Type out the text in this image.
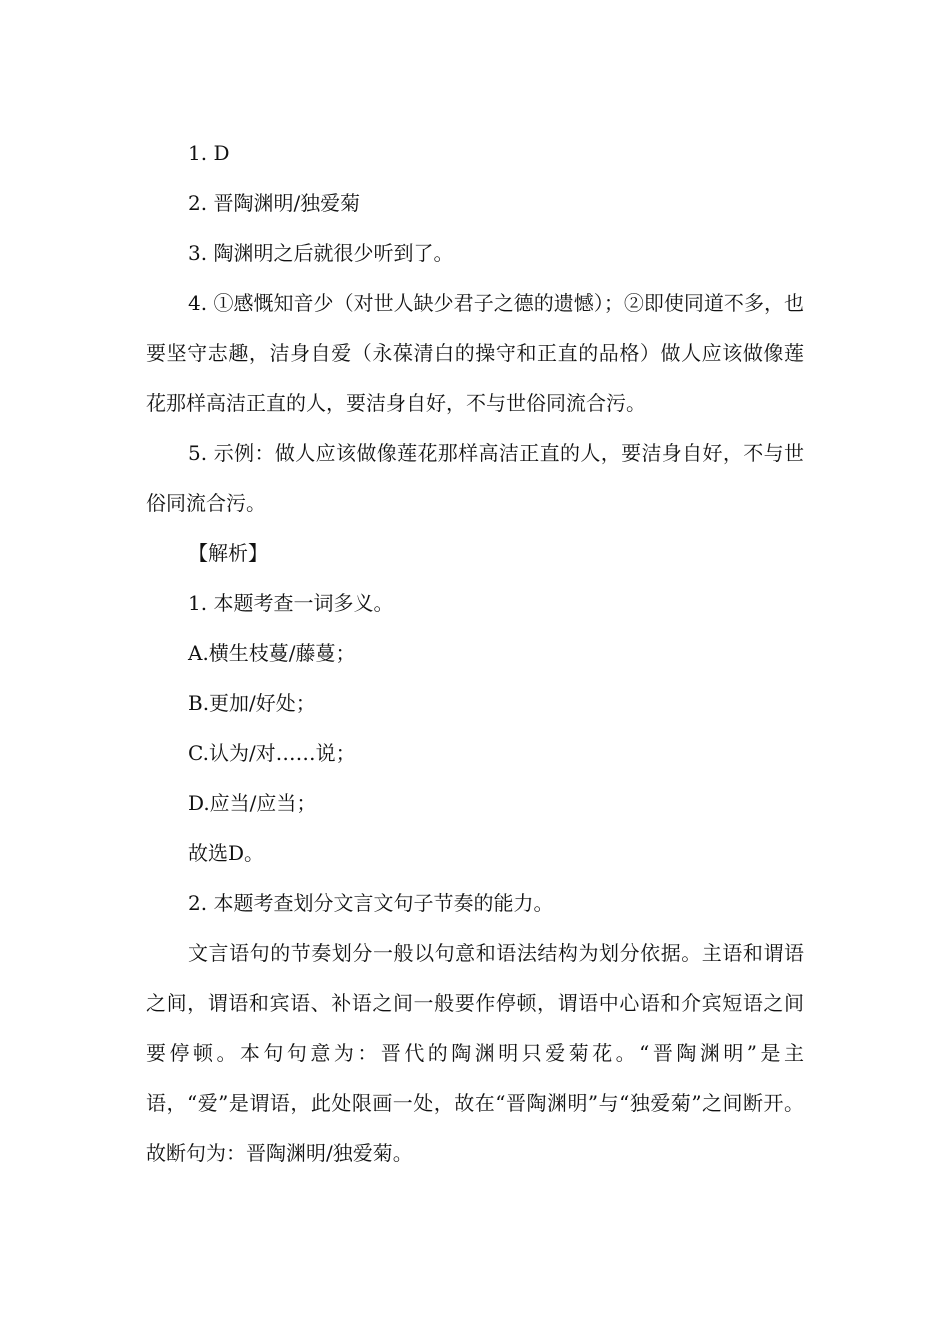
1. D

2. 晋陶渊明/独爱菊

3. 陶渊明之后就很少听到了。

4. ①感慨知音少（对世人缺少君子之德的遗憾）；②即使同道不多，也要坚守志趣，洁身自爱（永葆清白的操守和正直的品格）做人应该做像莲花那样高洁正直的人，要洁身自好，不与世俗同流合污。

5. 示例：做人应该做像莲花那样高洁正直的人，要洁身自好，不与世俗同流合污。

【解析】

1. 本题考查一词多义。

A.横生枝蔓/藤蔓；

B.更加/好处；

C.认为/对……说；

D.应当/应当；

故选D。

2. 本题考查划分文言文句子节奏的能力。

文言语句的节奏划分一般以句意和语法结构为划分依据。主语和谓语之间，谓语和宾语、补语之间一般要作停顿，谓语中心语和介宾短语之间要停顿。本句句意为：晋代的陶渊明只爱菊花。“晋陶渊明”是主语，“爱”是谓语，此处限画一处，故在“晋陶渊明”与“独爱菊”之间断开。故断句为：晋陶渊明/独爱菊。
